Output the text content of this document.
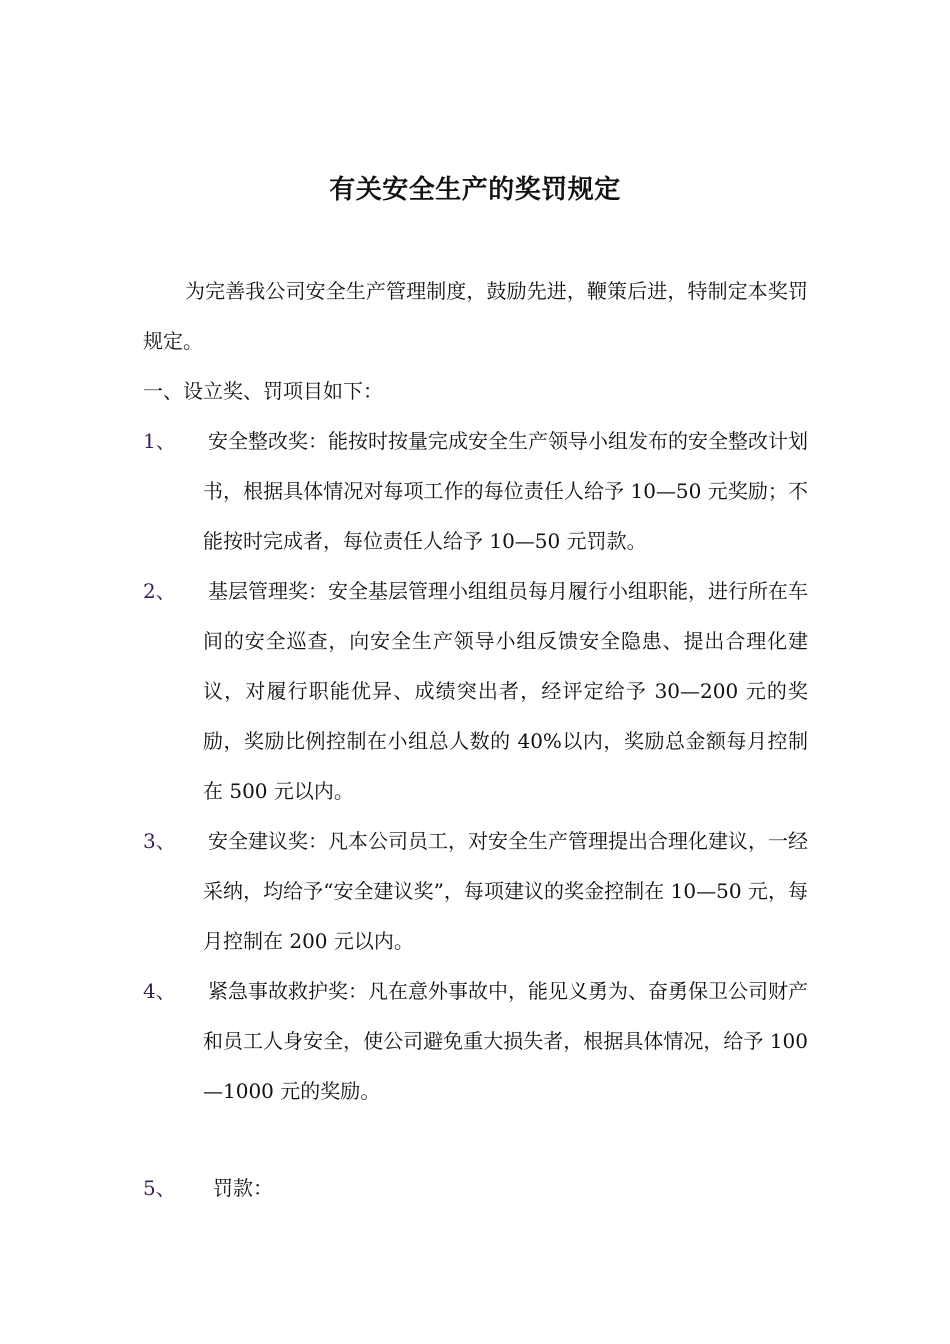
有关安全生产的奖罚规定
为完善我公司安全生产管理制度，鼓励先进，鞭策后进，特制定本奖罚规定。
一、设立奖、罚项目如下：
1、	安全整改奖：能按时按量完成安全生产领导小组发布的安全整改计划书，根据具体情况对每项工作的每位责任人给予 10—50 元奖励；不能按时完成者，每位责任人给予 10—50 元罚款。
2、	基层管理奖：安全基层管理小组组员每月履行小组职能，进行所在车间的安全巡查，向安全生产领导小组反馈安全隐患、提出合理化建议，对履行职能优异、成绩突出者，经评定给予 30—200 元的奖励，奖励比例控制在小组总人数的 40%以内，奖励总金额每月控制在 500 元以内。
3、	安全建议奖：凡本公司员工，对安全生产管理提出合理化建议，一经采纳，均给予“安全建议奖”，每项建议的奖金控制在 10—50 元，每月控制在 200 元以内。
4、	紧急事故救护奖：凡在意外事故中，能见义勇为、奋勇保卫公司财产和员工人身安全，使公司避免重大损失者，根据具体情况，给予 100—1000 元的奖励。
5、	罚款：
